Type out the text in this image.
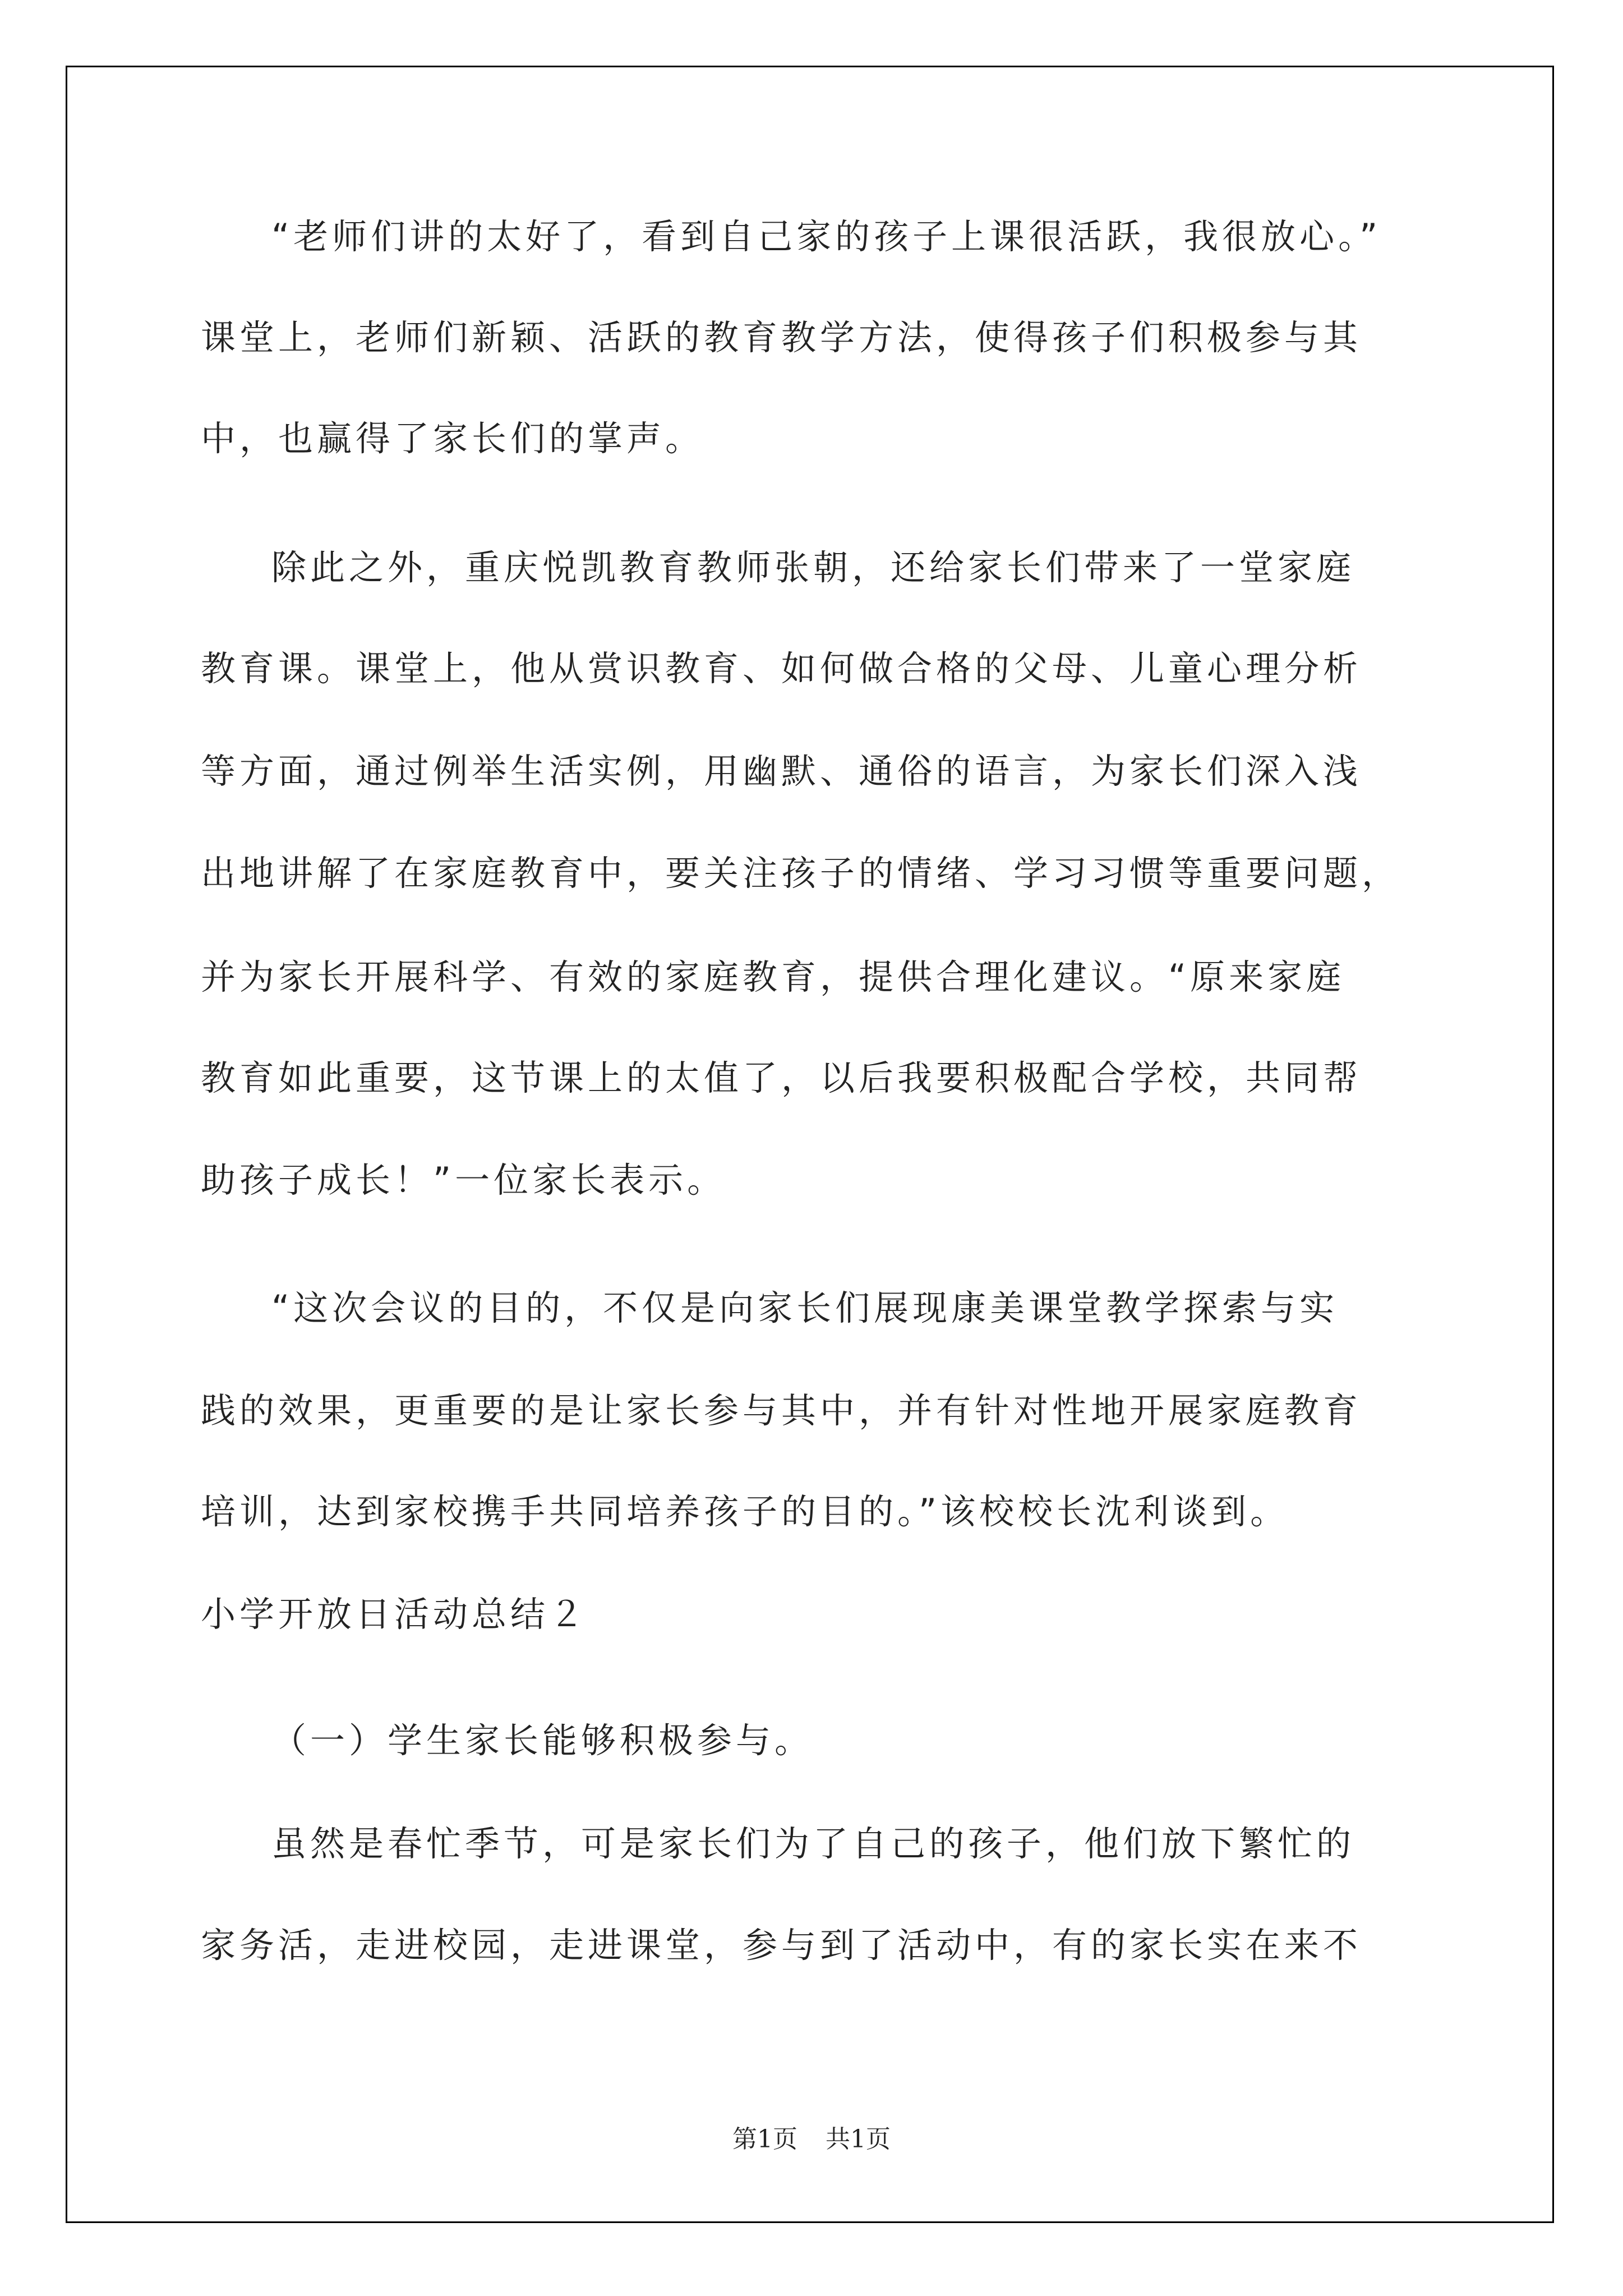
“老师们讲的太好了，看到自己家的孩子上课很活跃，我很放心。”

课堂上，老师们新颖、活跃的教育教学方法，使得孩子们积极参与其

中，也赢得了家长们的掌声。

除此之外，重庆悦凯教育教师张朝，还给家长们带来了一堂家庭

教育课。课堂上，他从赏识教育、如何做合格的父母、儿童心理分析

等方面，通过例举生活实例，用幽默、通俗的语言，为家长们深入浅

出地讲解了在家庭教育中，要关注孩子的情绪、学习习惯等重要问题，

并为家长开展科学、有效的家庭教育，提供合理化建议。“原来家庭

教育如此重要，这节课上的太值了，以后我要积极配合学校，共同帮

助孩子成长！”一位家长表示。

“这次会议的目的，不仅是向家长们展现康美课堂教学探索与实

践的效果，更重要的是让家长参与其中，并有针对性地开展家庭教育

培训，达到家校携手共同培养孩子的目的。”该校校长沈利谈到。

小学开放日活动总结２

（一）学生家长能够积极参与。

虽然是春忙季节，可是家长们为了自己的孩子，他们放下繁忙的

家务活，走进校园，走进课堂，参与到了活动中，有的家长实在来不

第1页 共1页
